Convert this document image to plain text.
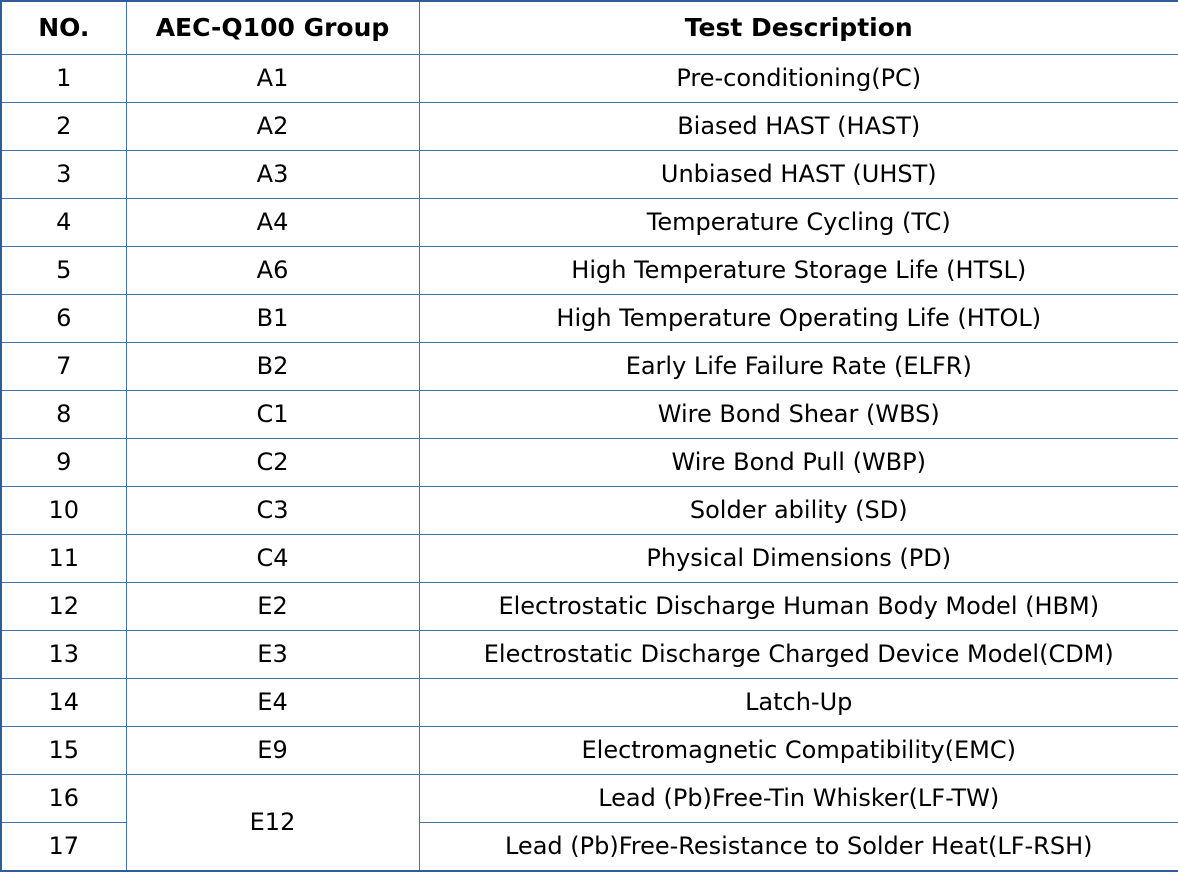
NO.	AEC-Q100 Group	Test Description
1	A1	Pre-conditioning(PC)
2	A2	Biased HAST (HAST)
3	A3	Unbiased HAST (UHST)
4	A4	Temperature Cycling (TC)
5	A6	High Temperature Storage Life (HTSL)
6	B1	High Temperature Operating Life (HTOL)
7	B2	Early Life Failure Rate (ELFR)
8	C1	Wire Bond Shear (WBS)
9	C2	Wire Bond Pull (WBP)
10	C3	Solder ability (SD)
11	C4	Physical Dimensions (PD)
12	E2	Electrostatic Discharge Human Body Model (HBM)
13	E3	Electrostatic Discharge Charged Device Model(CDM)
14	E4	Latch-Up
15	E9	Electromagnetic Compatibility(EMC)
16	E12	Lead (Pb)Free-Tin Whisker(LF-TW)
17		Lead (Pb)Free-Resistance to Solder Heat(LF-RSH)
